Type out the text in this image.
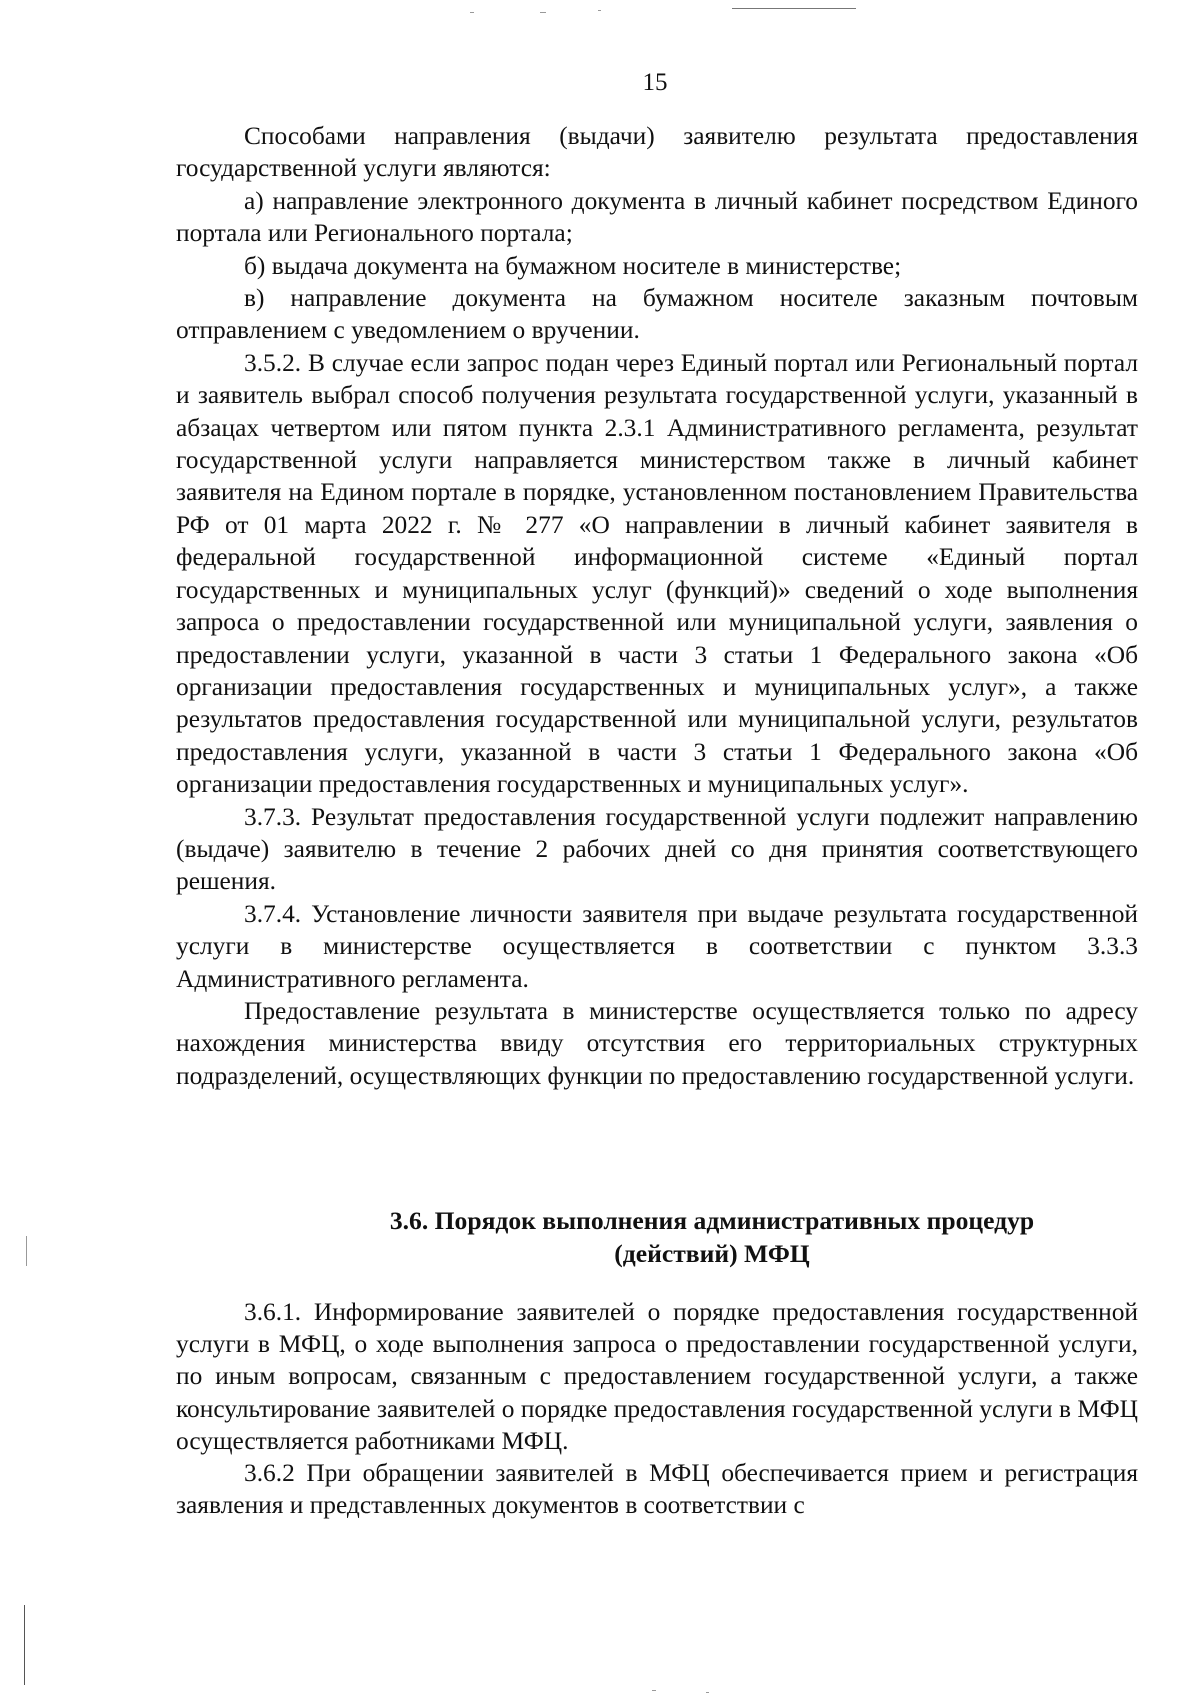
15

Способами направления (выдачи) заявителю результата предоставления государственной услуги являются:

а) направление электронного документа в личный кабинет посредством Единого портала или Регионального портала;

б) выдача документа на бумажном носителе в министерстве;

в) направление документа на бумажном носителе заказным почтовым отправлением с уведомлением о вручении.

3.5.2. В случае если запрос подан через Единый портал или Региональный портал и заявитель выбрал способ получения результата государственной услуги, указанный в абзацах четвертом или пятом пункта 2.3.1 Административного регламента, результат государственной услуги направляется министерством также в личный кабинет заявителя на Едином портале в порядке, установленном постановлением Правительства РФ от 01 марта 2022 г. № 277 «О направлении в личный кабинет заявителя в федеральной государственной информационной системе «Единый портал государственных и муниципальных услуг (функций)» сведений о ходе выполнения запроса о предоставлении государственной или муниципальной услуги, заявления о предоставлении услуги, указанной в части 3 статьи 1 Федерального закона «Об организации предоставления государственных и муниципальных услуг», а также результатов предоставления государственной или муниципальной услуги, результатов предоставления услуги, указанной в части 3 статьи 1 Федерального закона «Об организации предоставления государственных и муниципальных услуг».

3.7.3. Результат предоставления государственной услуги подлежит направлению (выдаче) заявителю в течение 2 рабочих дней со дня принятия соответствующего решения.

3.7.4. Установление личности заявителя при выдаче результата государственной услуги в министерстве осуществляется в соответствии с пунктом 3.3.3 Административного регламента.

Предоставление результата в министерстве осуществляется только по адресу нахождения министерства ввиду отсутствия его территориальных структурных подразделений, осуществляющих функции по предоставлению государственной услуги.

3.6. Порядок выполнения административных процедур
(действий) МФЦ

3.6.1. Информирование заявителей о порядке предоставления государственной услуги в МФЦ, о ходе выполнения запроса о предоставлении государственной услуги, по иным вопросам, связанным с предоставлением государственной услуги, а также консультирование заявителей о порядке предоставления государственной услуги в МФЦ осуществляется работниками МФЦ.

3.6.2 При обращении заявителей в МФЦ обеспечивается прием и регистрация заявления и представленных документов в соответствии с
